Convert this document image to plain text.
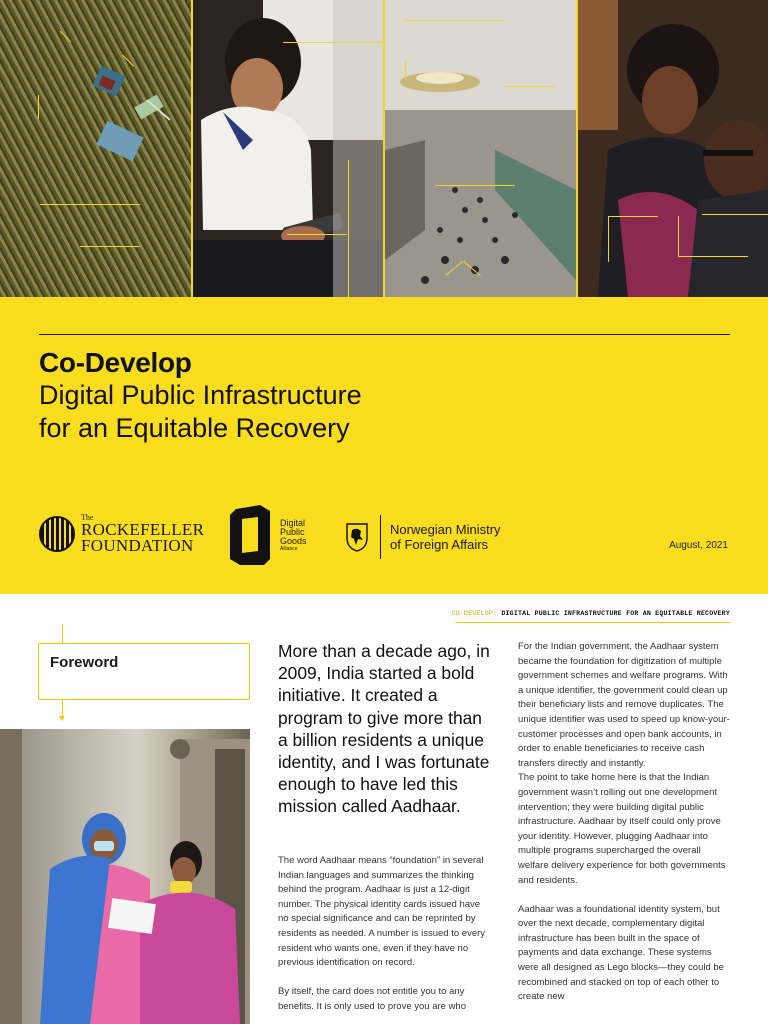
Co-Develop
Digital Public Infrastructure
for an Equitable Recovery
The
ROCKEFELLER
FOUNDATION
Digital
Public
Goods
Alliance
Norwegian Ministry
of Foreign Affairs	August, 2021
CO-DEVELOP: DIGITAL PUBLIC INFRASTRUCTURE FOR AN EQUITABLE RECOVERY
Foreword
More than a decade ago, in 2009, India started a bold initiative. It created a program to give more than a billion residents a unique identity, and I was fortunate enough to have led this mission called Aadhaar.

The word Aadhaar means “foundation” in several Indian languages and summarizes the thinking behind the program. Aadhaar is just a 12-digit number. The physical identity cards issued have no special significance and can be reprinted by residents as needed. A number is issued to every resident who wants one, even if they have no previous identification on record.

By itself, the card does not entitle you to any benefits. It is only used to prove you are who

For the Indian government, the Aadhaar system became the foundation for digitization of multiple government schemes and welfare programs. With a unique identifier, the government could clean up their beneficiary lists and remove duplicates. The unique identifier was used to speed up know-your-customer processes and open bank accounts, in order to enable beneficiaries to receive cash transfers directly and instantly.

The point to take home here is that the Indian government wasn’t rolling out one development intervention; they were building digital public infrastructure. Aadhaar by itself could only prove your identity. However, plugging Aadhaar into multiple programs supercharged the overall welfare delivery experience for both governments and residents.

Aadhaar was a foundational identity system, but over the next decade, complementary digital infrastructure has been built in the space of payments and data exchange. These systems were all designed as Lego blocks—they could be recombined and stacked on top of each other to create new
